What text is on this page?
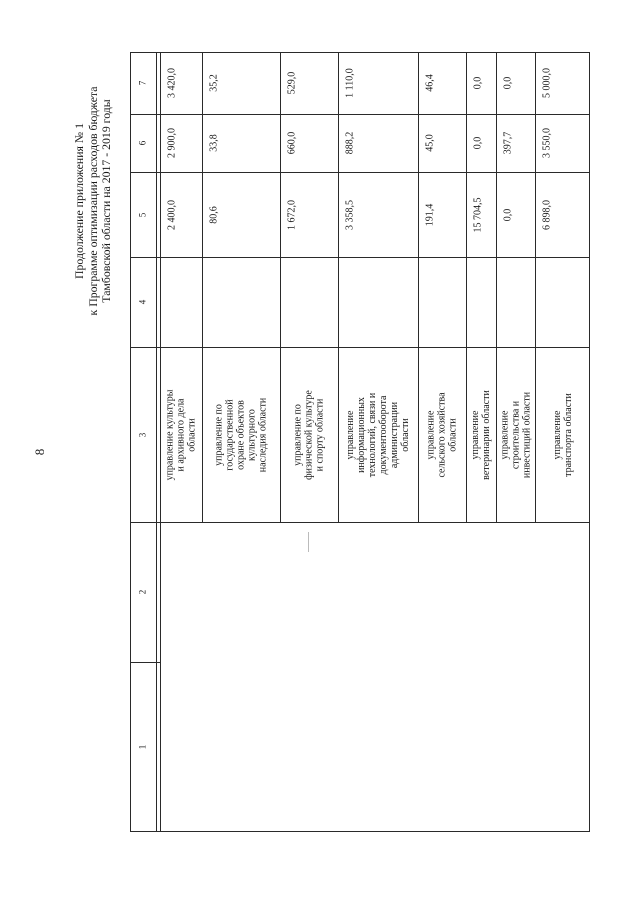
8
Продолжение приложения № 1 к Программе оптимизации расходов бюджета Тамбовской области на 2017 - 2019 годы
1
2
3
4
5
6
7
управление культуры
и архивного дела
области
2 400,0
2 900,0
3 420,0
управление по
государственной
охране объектов
культурного
наследия области
80,6
33,8
35,2
управление по
физической культуре
и спорту области
1 672,0
660,0
529,0
управление
информационных
технологий, связи и
документооборота
администрации
области
3 358,5
888,2
1 110,0
управление
сельского хозяйства
области
191,4
45,0
46,4
управление
ветеринарии области
15 704,5
0,0
0,0
управление
строительства и
инвестиций области
0,0
397,7
0,0
управление
транспорта области
6 898,0
3 550,0
5 000,0
